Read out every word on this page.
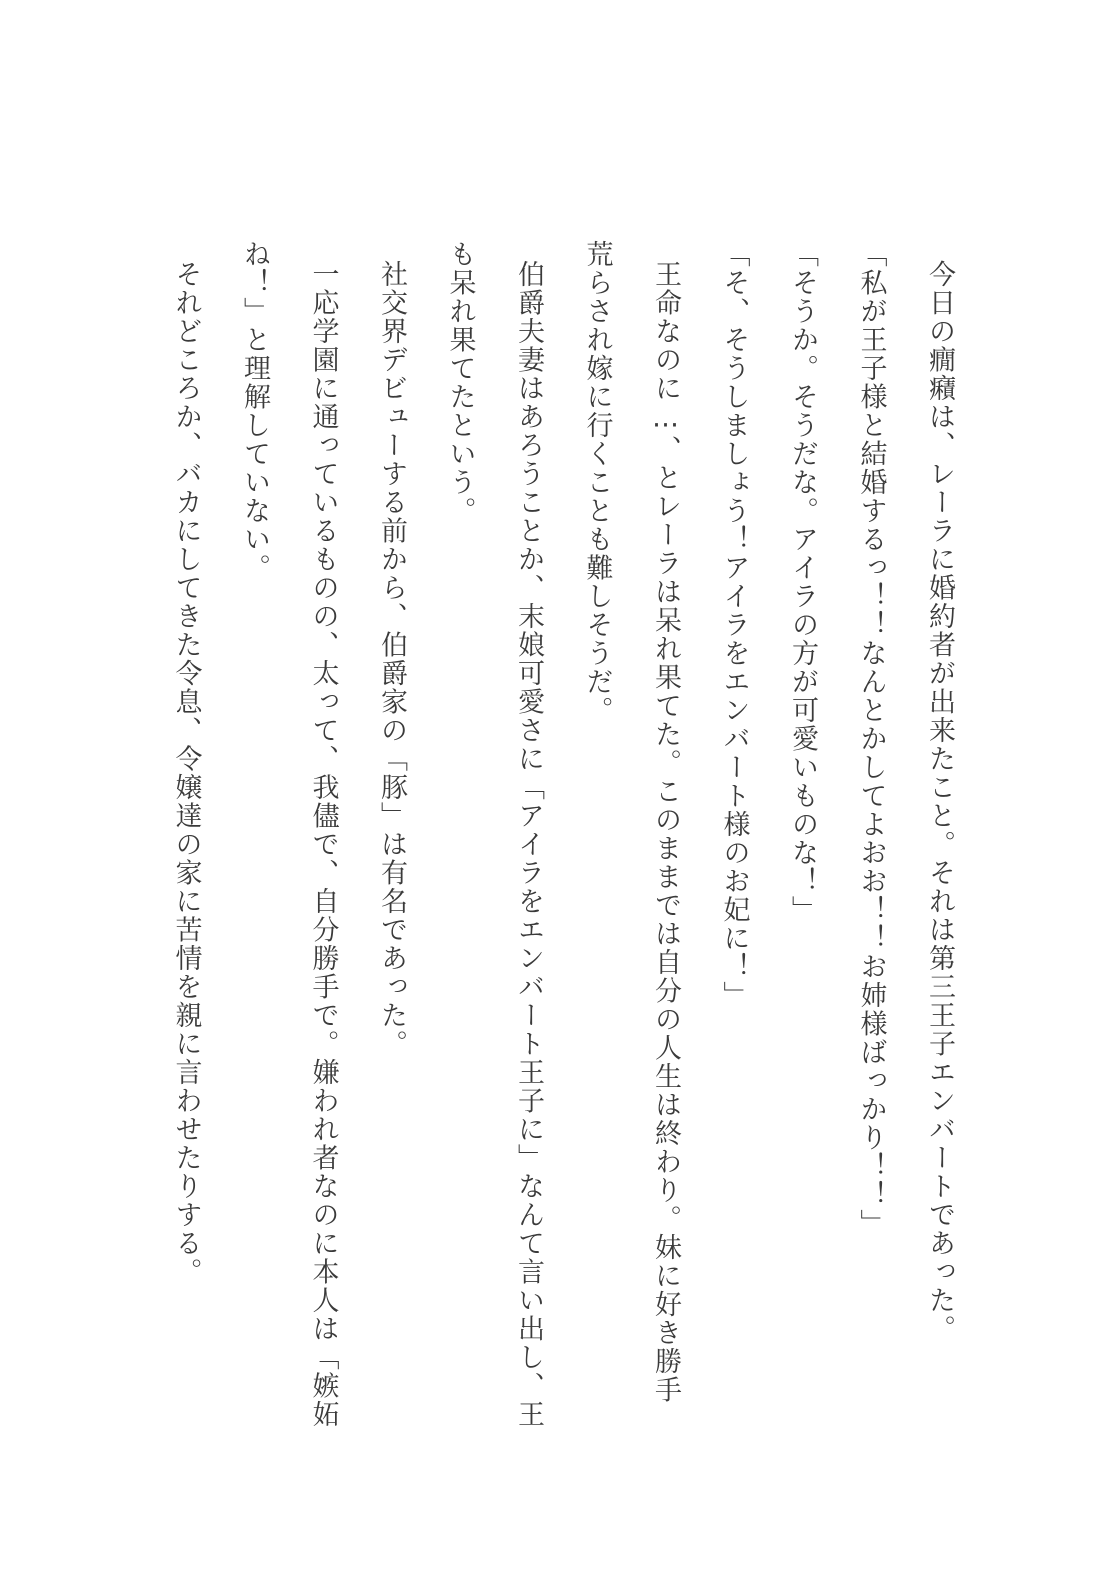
今日の癇癪は、レーラに婚約者が出来たこと。それは第三王子エンバートであった。
「私が王子様と結婚するっ！！なんとかしてよおお！！お姉様ばっかり！！」
「そうか。そうだな。アイラの方が可愛いものな！」
「そ、そうしましょう！アイラをエンバート様のお妃に！」
王命なのに…、とレーラは呆れ果てた。このままでは自分の人生は終わり。妹に好き勝手
荒らされ嫁に行くことも難しそうだ。
伯爵夫妻はあろうことか、末娘可愛さに「アイラをエンバート王子に」なんて言い出し、王
も呆れ果てたという。
社交界デビューする前から、伯爵家の「豚」は有名であった。
一応学園に通っているものの、太って、我儘で、自分勝手で。嫌われ者なのに本人は「嫉妬
ね！」と理解していない。
それどころか、バカにしてきた令息、令嬢達の家に苦情を親に言わせたりする。
